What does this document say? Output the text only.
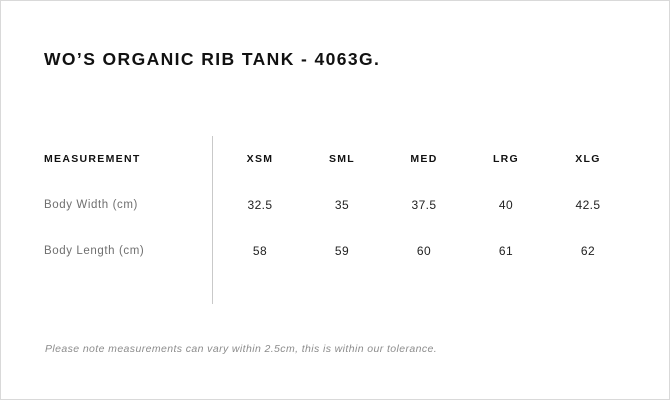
WO’S ORGANIC RIB TANK - 4063G.
MEASUREMENT	XSM	SML	MED	LRG	XLG
Body Width (cm)	32.5	35	37.5	40	42.5
Body Length (cm)	58	59	60	61	62
Please note measurements can vary within 2.5cm, this is within our tolerance.
